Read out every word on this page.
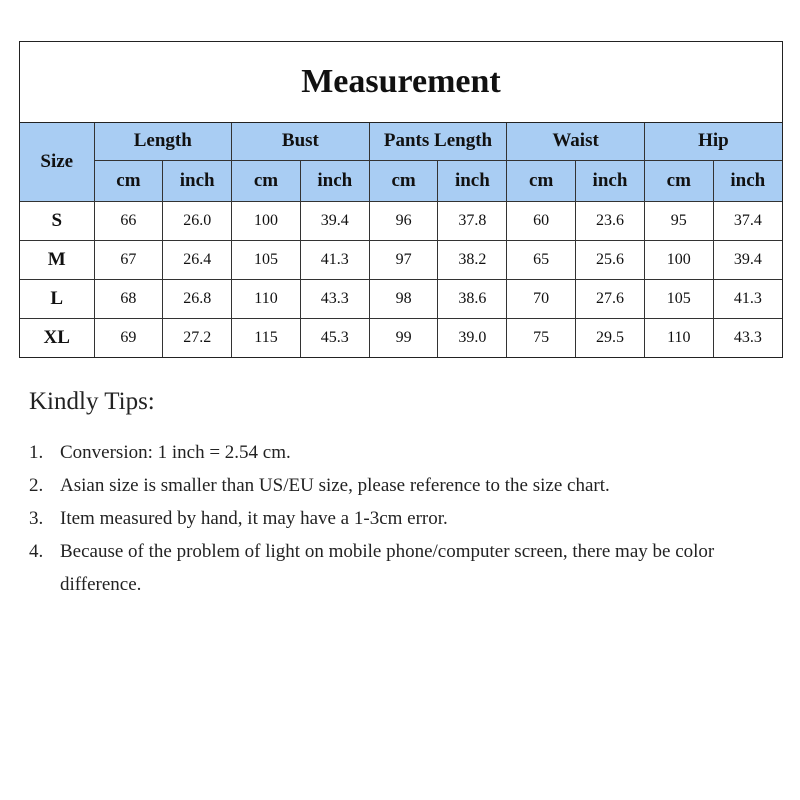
Measurement
Size	Length		Bust		Pants Length		Waist		Hip	
	cm	inch	cm	inch	cm	inch	cm	inch	cm	inch
S	66	26.0	100	39.4	96	37.8	60	23.6	95	37.4
M	67	26.4	105	41.3	97	38.2	65	25.6	100	39.4
L	68	26.8	110	43.3	98	38.6	70	27.6	105	41.3
XL	69	27.2	115	45.3	99	39.0	75	29.5	110	43.3
Kindly Tips:
1. Conversion: 1 inch = 2.54 cm.
2. Asian size is smaller than US/EU size, please reference to the size chart.
3. Item measured by hand, it may have a 1-3cm error.
4. Because of the problem of light on mobile phone/computer screen, there may be color difference.
